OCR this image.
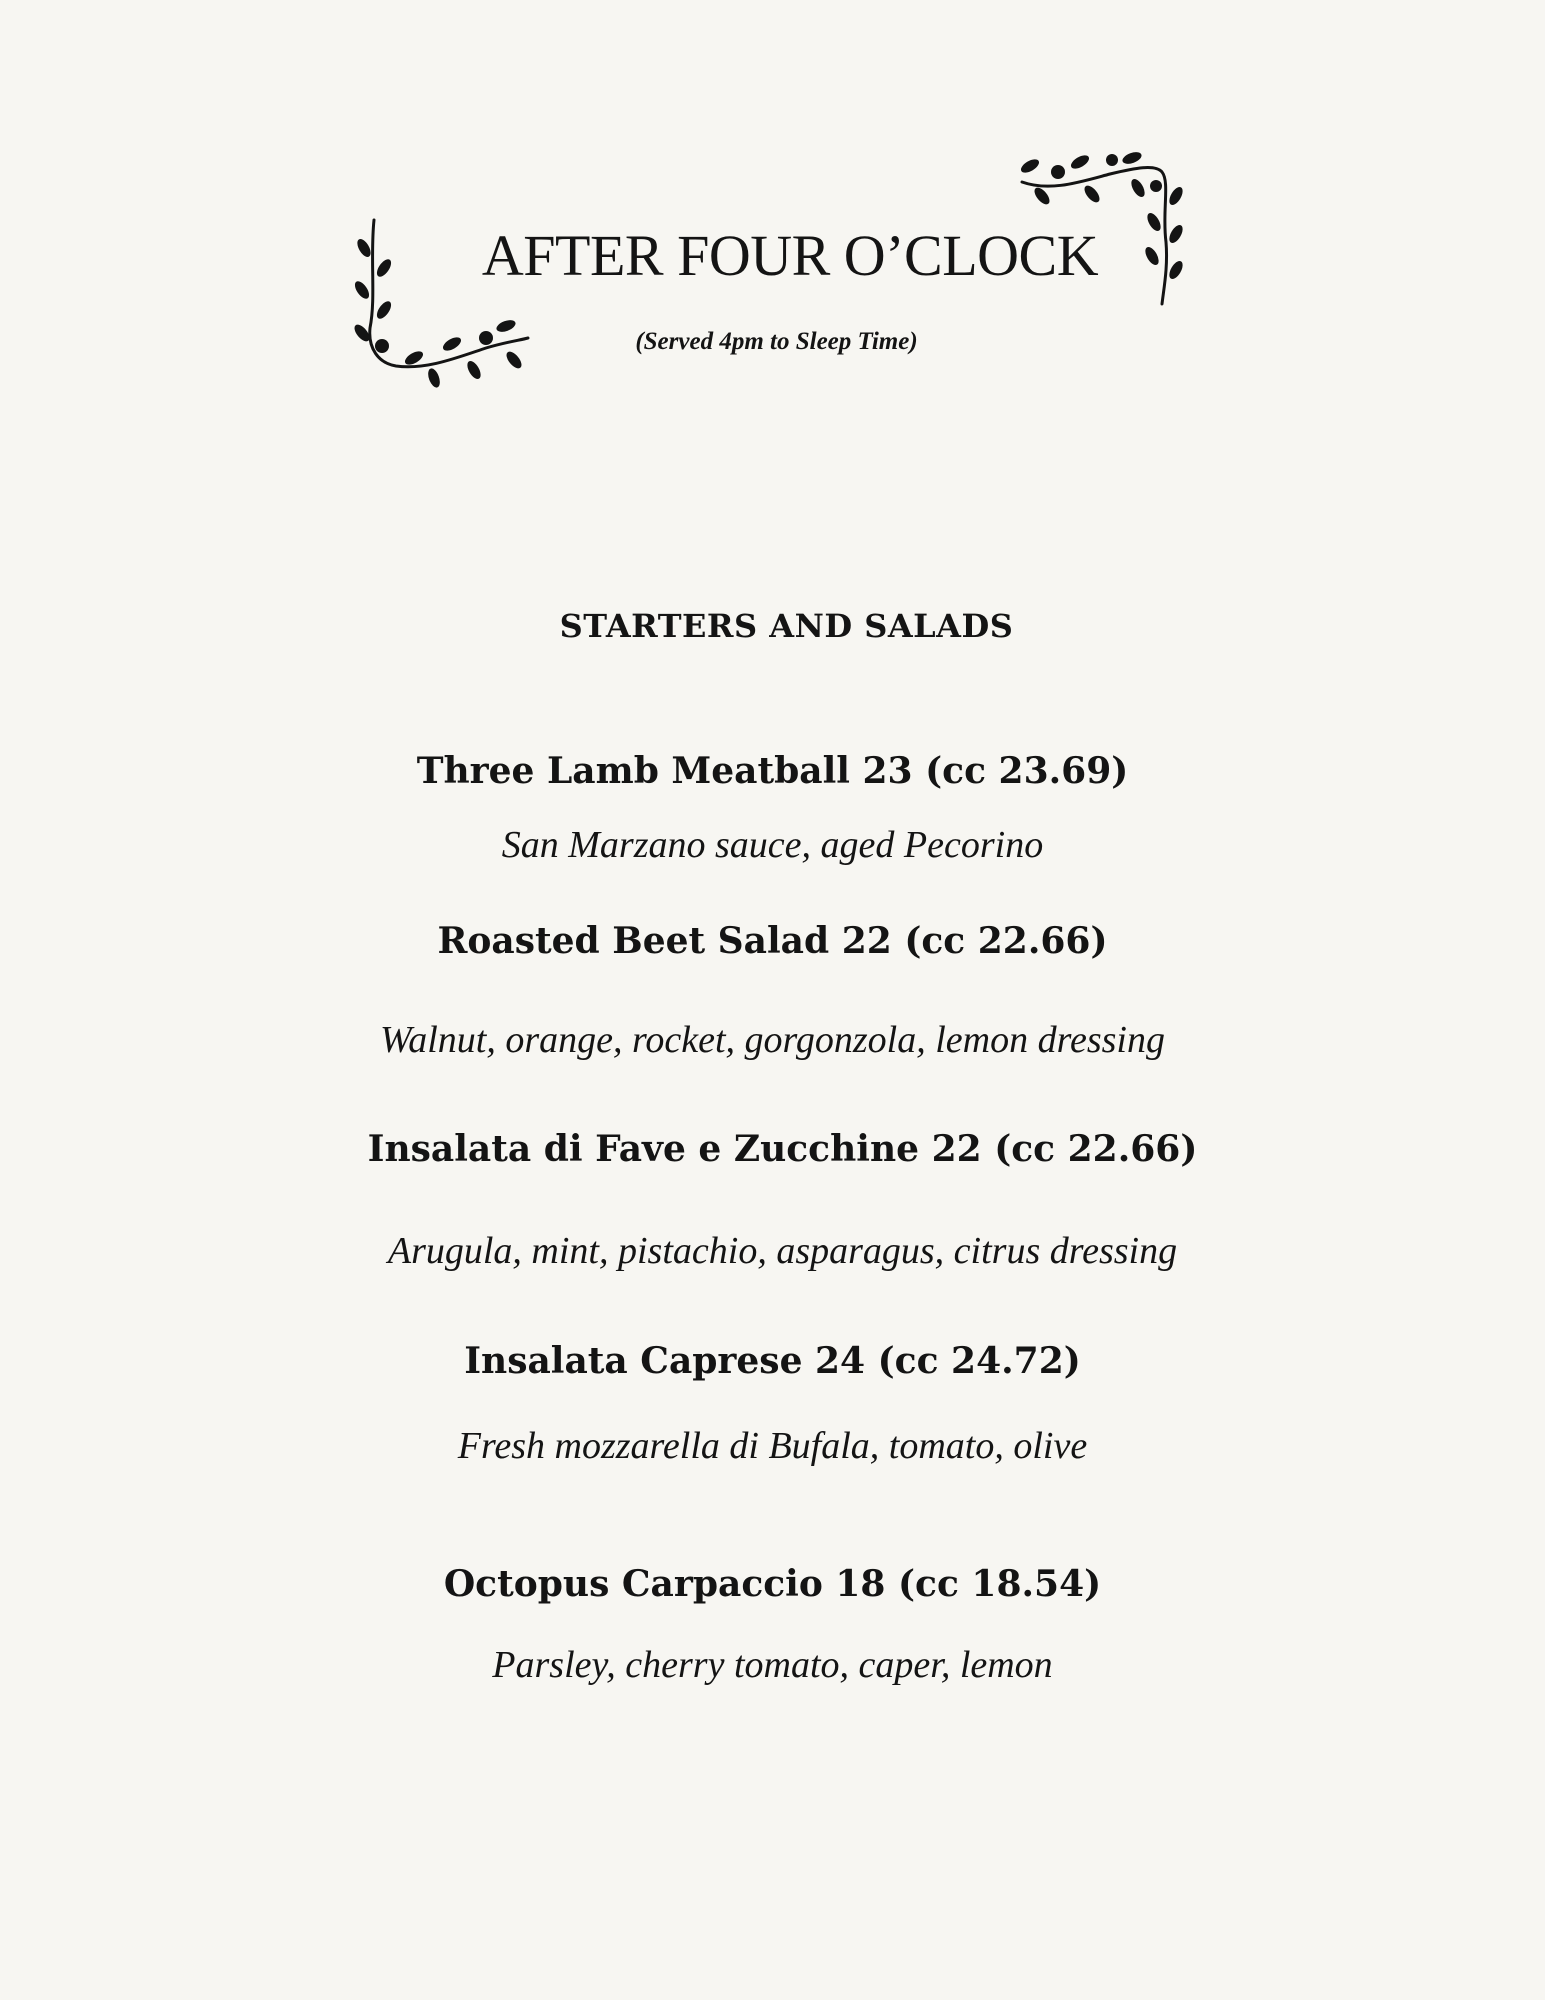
AFTER FOUR O’CLOCK
(Served 4pm to Sleep Time)
STARTERS AND SALADS
Three Lamb Meatball 23 (cc 23.69)
San Marzano sauce, aged Pecorino
Roasted Beet Salad 22 (cc 22.66)
Walnut, orange, rocket, gorgonzola, lemon dressing
Insalata di Fave e Zucchine 22 (cc 22.66)
Arugula, mint, pistachio, asparagus, citrus dressing
Insalata Caprese 24 (cc 24.72)
Fresh mozzarella di Bufala, tomato, olive
Octopus Carpaccio 18 (cc 18.54)
Parsley, cherry tomato, caper, lemon
